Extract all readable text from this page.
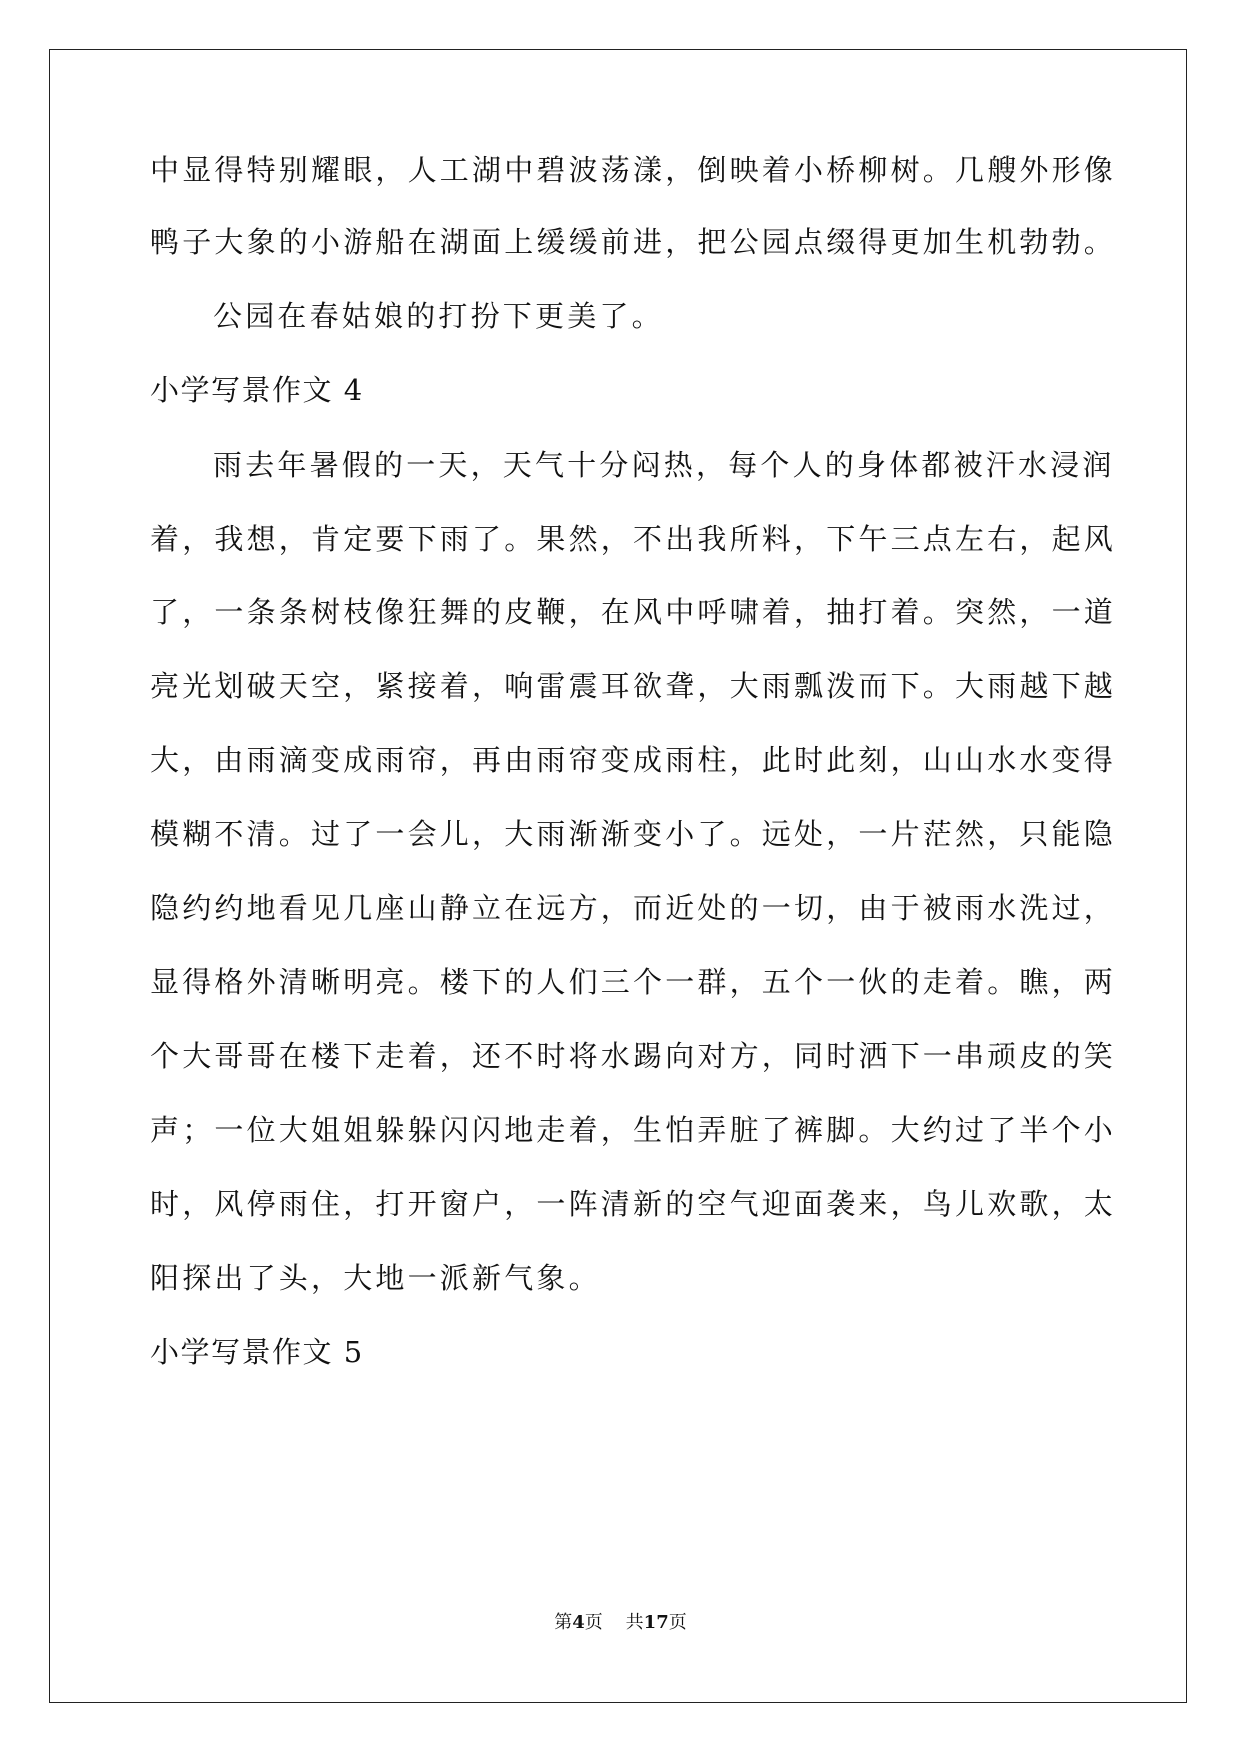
中显得特别耀眼，人工湖中碧波荡漾，倒映着小桥柳树。几艘外形像
鸭子大象的小游船在湖面上缓缓前进，把公园点缀得更加生机勃勃。
公园在春姑娘的打扮下更美了。
小学写景作文 4
雨去年暑假的一天，天气十分闷热，每个人的身体都被汗水浸润
着，我想，肯定要下雨了。果然，不出我所料，下午三点左右，起风
了，一条条树枝像狂舞的皮鞭，在风中呼啸着，抽打着。突然，一道
亮光划破天空，紧接着，响雷震耳欲聋，大雨瓢泼而下。大雨越下越
大，由雨滴变成雨帘，再由雨帘变成雨柱，此时此刻，山山水水变得
模糊不清。过了一会儿，大雨渐渐变小了。远处，一片茫然，只能隐
隐约约地看见几座山静立在远方，而近处的一切，由于被雨水洗过，
显得格外清晰明亮。楼下的人们三个一群，五个一伙的走着。瞧，两
个大哥哥在楼下走着，还不时将水踢向对方，同时洒下一串顽皮的笑
声；一位大姐姐躲躲闪闪地走着，生怕弄脏了裤脚。大约过了半个小
时，风停雨住，打开窗户，一阵清新的空气迎面袭来，鸟儿欢歌，太
阳探出了头，大地一派新气象。
小学写景作文 5
第4页 共17页
